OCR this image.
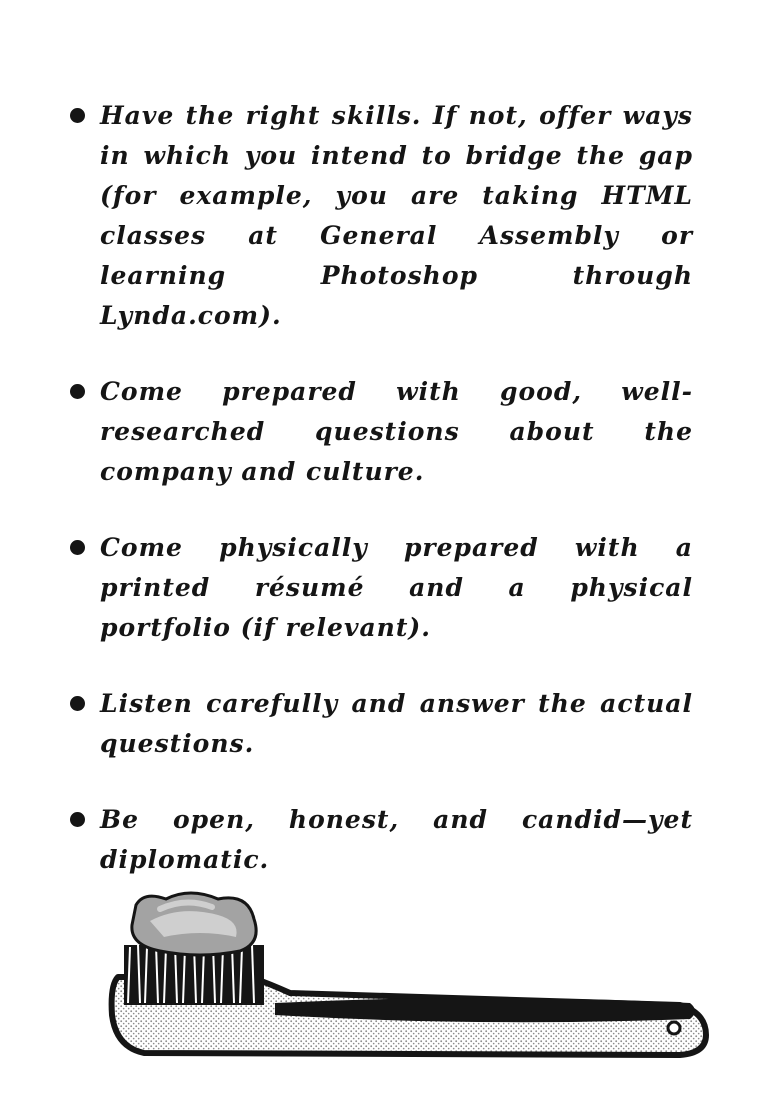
Have the right skills. If not, offer ways in which you intend to bridge the gap (for example, you are taking HTML classes at General Assembly or learning Photoshop through Lynda.com).
Come prepared with good, well-researched questions about the company and culture.
Come physically prepared with a printed résumé and a physical portfolio (if relevant).
Listen carefully and answer the actual questions.
Be open, honest, and candid—yet diplomatic.
